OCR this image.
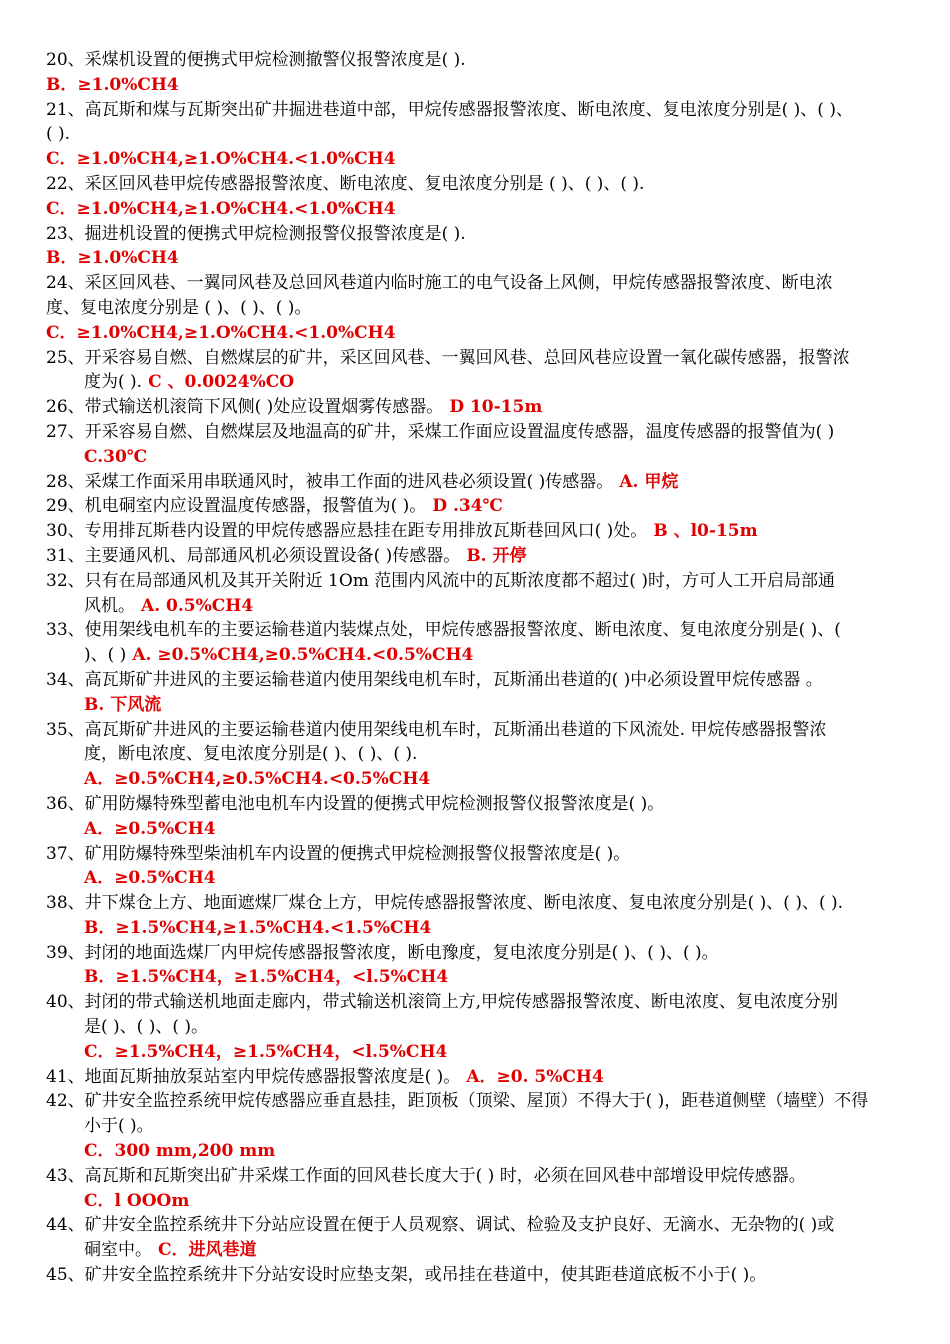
20、采煤机设置的便携式甲烷检测撤警仪报警浓度是( ).
B．≥1.0%CH4
21、高瓦斯和煤与瓦斯突出矿井掘进巷道中部，甲烷传感器报警浓度、断电浓度、复电浓度分别是( )、( )、
( ).
C．≥1.0%CH4,≥1.O%CH4.<1.0%CH4
22、采区回风巷甲烷传感器报警浓度、断电浓度、复电浓度分别是 ( )、( )、( ).
C．≥1.0%CH4,≥1.O%CH4.<1.0%CH4
23、掘进机设置的便携式甲烷检测报警仪报警浓度是( ).
B．≥1.0%CH4
24、采区回风巷、一翼同风巷及总回风巷道内临时施工的电气设备上风侧，甲烷传感器报警浓度、断电浓
度、复电浓度分别是 ( )、( )、( )。
C．≥1.0%CH4,≥1.O%CH4.<1.0%CH4
25、开采容易自燃、自燃煤层的矿井，采区回风巷、一翼回风巷、总回风巷应设置一氧化碳传感器，报警浓
度为( ). C 、0.0024%CO
26、带式输送机滚筒下风侧( )处应设置烟雾传感器。 D 10-15m
27、开采容易自燃、自燃煤层及地温高的矿井，采煤工作面应设置温度传感器，温度传感器的报警值为( )
C.30℃
28、采煤工作面采用串联通风时，被串工作面的进风巷必须设置( )传感器。 A. 甲烷
29、机电硐室内应设置温度传感器，报警值为( )。 D .34℃
30、专用排瓦斯巷内设置的甲烷传感器应悬挂在距专用排放瓦斯巷回风口( )处。 B 、l0-15m
31、主要通风机、局部通风机必须设置设备( )传感器。 B. 开停
32、只有在局部通风机及其开关附近 1Om 范围内风流中的瓦斯浓度都不超过( )时，方可人工开启局部通
风机。 A. 0.5%CH4
33、使用架线电机车的主要运输巷道内装煤点处，甲烷传感器报警浓度、断电浓度、复电浓度分别是( )、(
)、( ) A. ≥0.5%CH4,≥0.5%CH4.<0.5%CH4
34、高瓦斯矿井进风的主要运输巷道内使用架线电机车时，瓦斯涌出巷道的( )中必须设置甲烷传感器 。
B. 下风流
35、高瓦斯矿井进风的主要运输巷道内使用架线电机车时，瓦斯涌出巷道的下风流处. 甲烷传感器报警浓
度，断电浓度、复电浓度分别是( )、( )、( ).
A．≥0.5%CH4,≥0.5%CH4.<0.5%CH4
36、矿用防爆特殊型蓄电池电机车内设置的便携式甲烷检测报警仪报警浓度是( )。
A．≥0.5%CH4
37、矿用防爆特殊型柴油机车内设置的便携式甲烷检测报警仪报警浓度是( )。
A．≥0.5%CH4
38、井下煤仓上方、地面遮煤厂煤仓上方，甲烷传感器报警浓度、断电浓度、复电浓度分别是( )、( )、( ).
B．≥1.5%CH4,≥1.5%CH4.<1.5%CH4
39、封闭的地面选煤厂内甲烷传感器报警浓度，断电豫度，复电浓度分别是( )、( )、( )。
B．≥1.5%CH4，≥1.5%CH4，<l.5%CH4
40、封闭的带式输送机地面走廊内，带式输送机滚筒上方,甲烷传感器报警浓度、断电浓度、复电浓度分别
是( )、( )、( )。
C．≥1.5%CH4，≥1.5%CH4，<l.5%CH4
41、地面瓦斯抽放泵站室内甲烷传感器报警浓度是( )。 A．≥0. 5%CH4
42、矿井安全监控系统甲烷传感器应垂直悬挂，距顶板（顶梁、屋顶）不得大于( )，距巷道侧壁（墙壁）不得
小于( )。
C．300 mm,200 mm
43、高瓦斯和瓦斯突出矿井采煤工作面的回风巷长度大于( ) 时，必须在回风巷中部增设甲烷传感器。
C．l OOOm
44、矿井安全监控系统井下分站应设置在便于人员观察、调试、检验及支护良好、无滴水、无杂物的( )或
硐室中。 C．进风巷道
45、矿井安全监控系统井下分站安设时应垫支架，或吊挂在巷道中，使其距巷道底板不小于( )。
